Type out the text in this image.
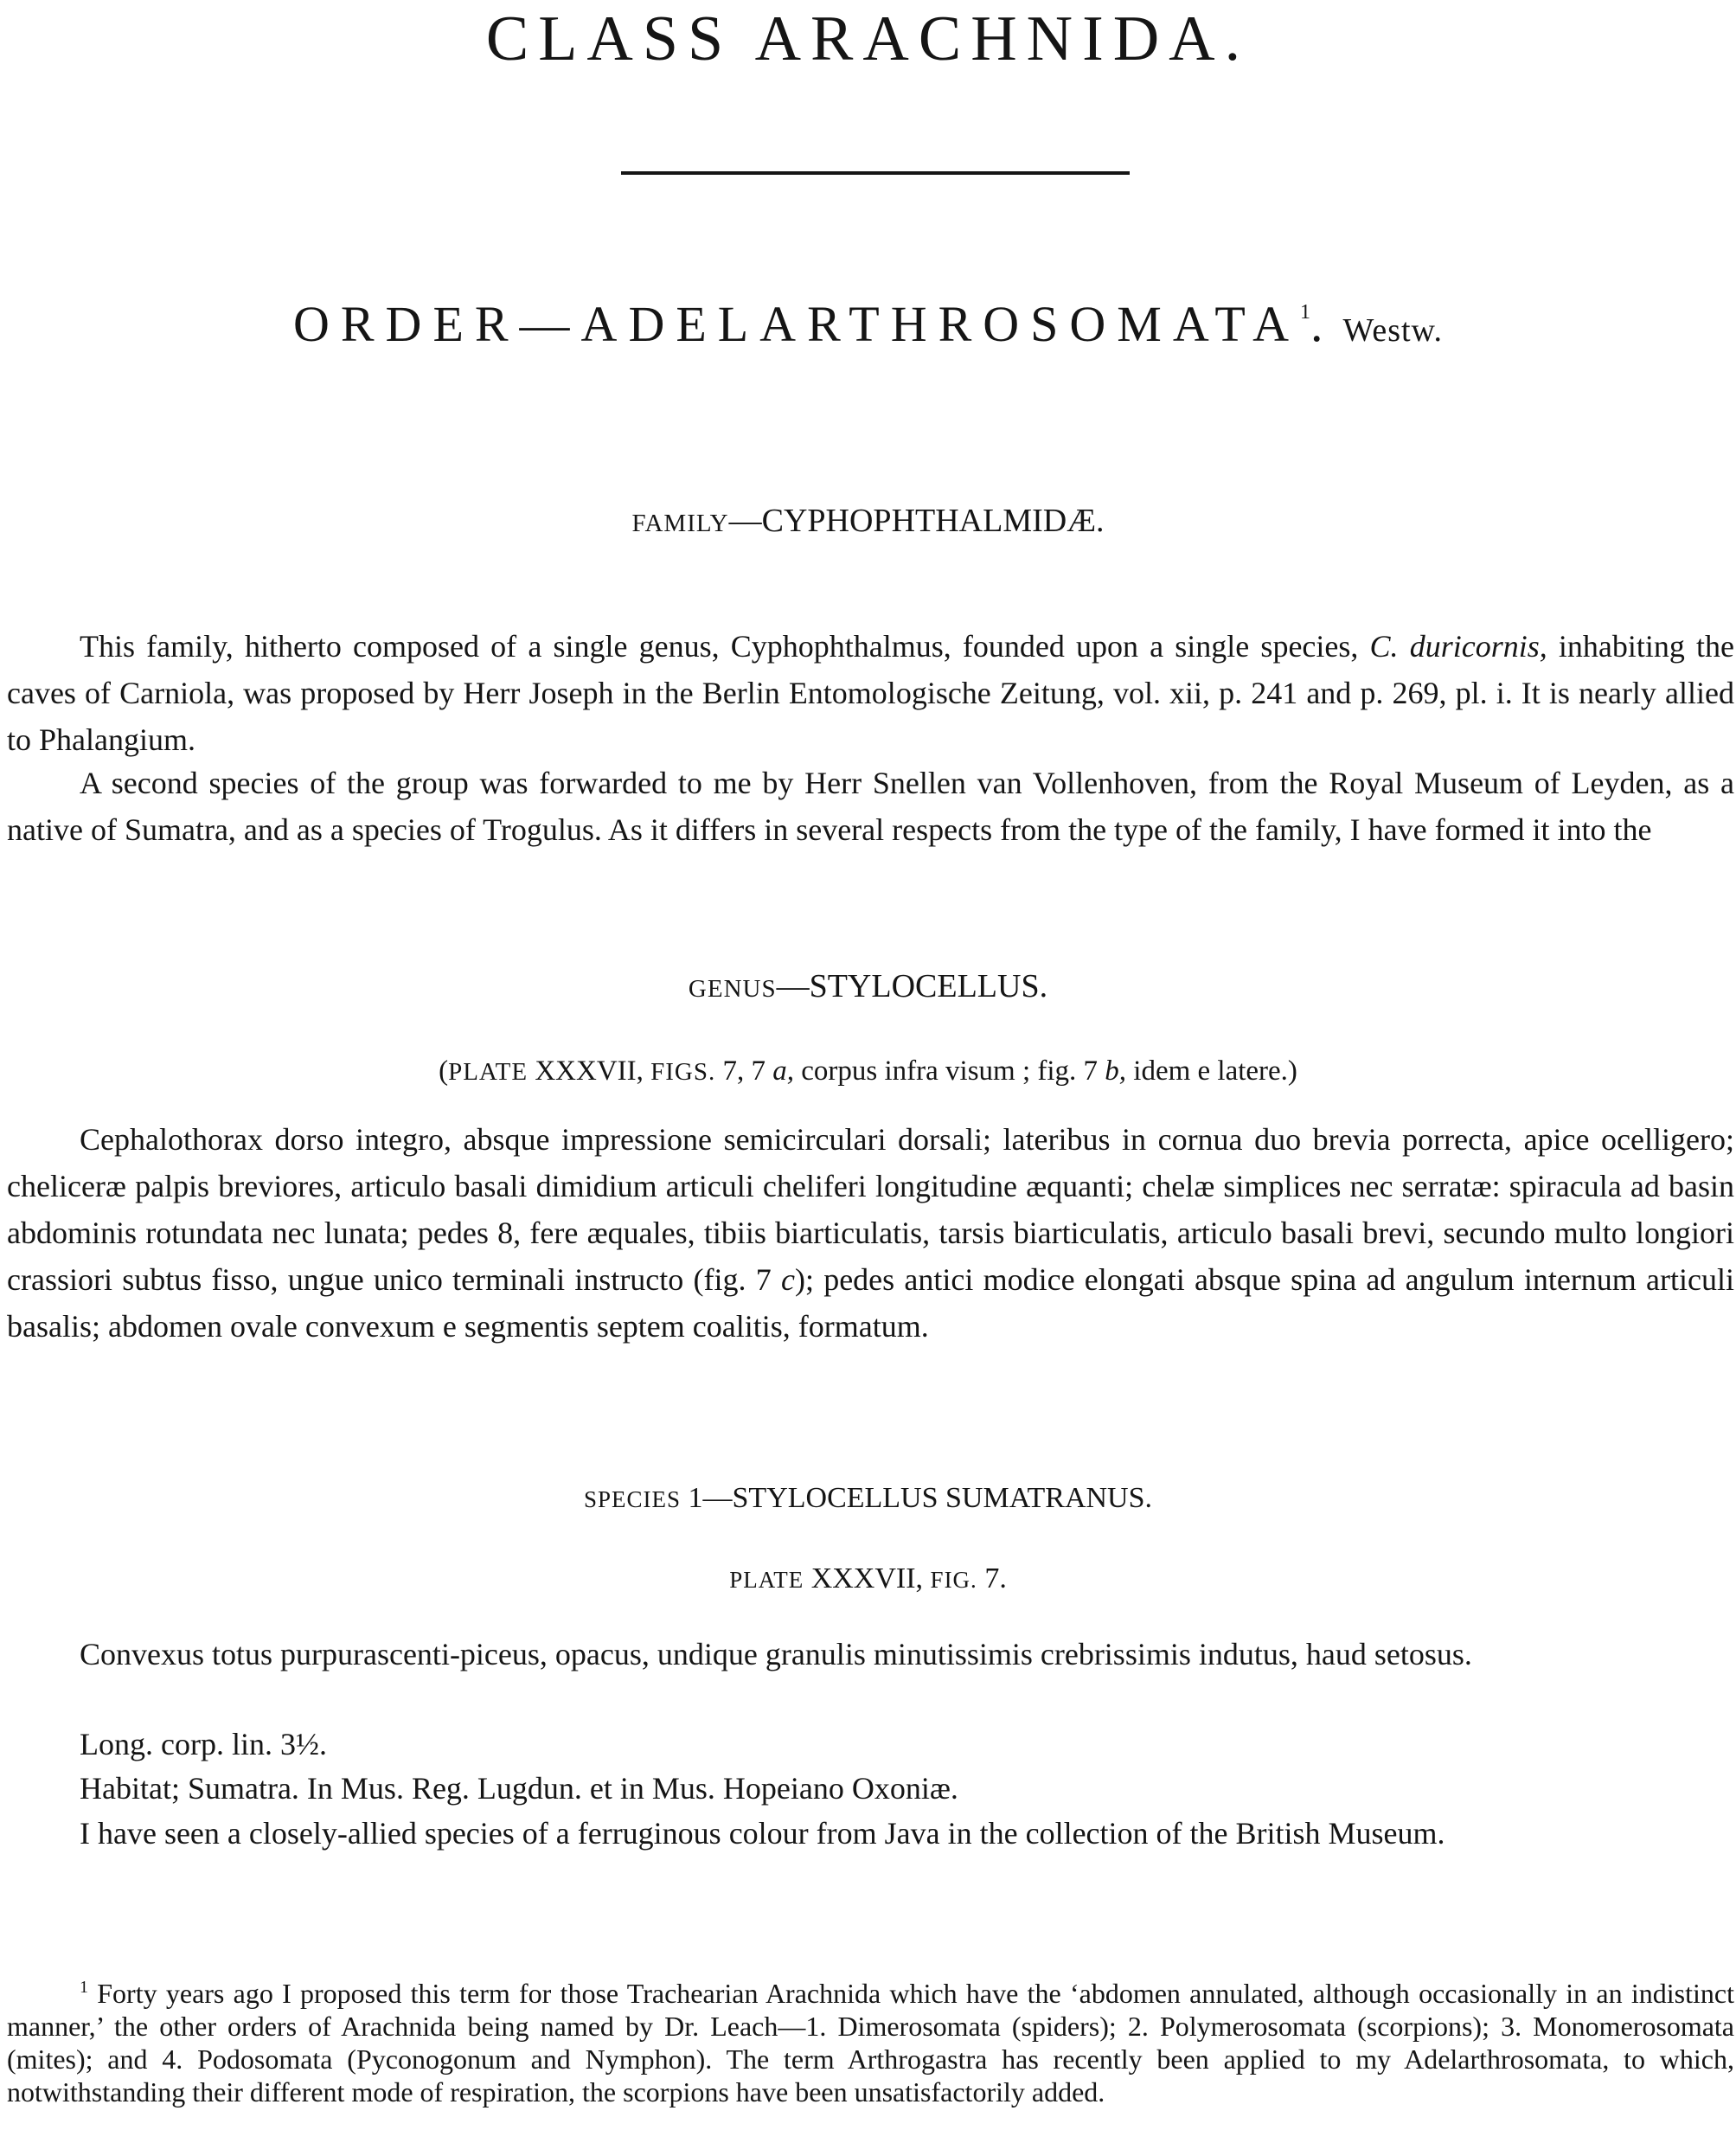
CLASS ARACHNIDA.
ORDER—ADELARTHROSOMATA$^1$. Westw.
FAMILY—CYPHOPHTHALMIDÆ.

This family, hitherto composed of a single genus, Cyphophthalmus, founded upon a single species, C. duricornis, inhabiting the caves of Carniola, was proposed by Herr Joseph in the Berlin Entomologische Zeitung, vol. xii, p. 241 and p. 269, pl. i. It is nearly allied to Phalangium.

A second species of the group was forwarded to me by Herr Snellen van Vollenhoven, from the Royal Museum of Leyden, as a native of Sumatra, and as a species of Trogulus. As it differs in several respects from the type of the family, I have formed it into the

GENUS—STYLOCELLUS.
(PLATE XXXVII, FIGS. 7, 7 a, corpus infra visum ; fig. 7 b, idem e latere.)

Cephalothorax dorso integro, absque impressione semicirculari dorsali; lateribus in cornua duo brevia porrecta, apice ocelligero; cheliceræ palpis breviores, articulo basali dimidium articuli cheliferi longitudine æquanti; chelæ simplices nec serratæ: spiracula ad basin abdominis rotundata nec lunata; pedes 8, fere æquales, tibiis biarticulatis, tarsis biarticulatis, articulo basali brevi, secundo multo longiori crassiori subtus fisso, ungue unico terminali instructo (fig. 7 c); pedes antici modice elongati absque spina ad angulum internum articuli basalis; abdomen ovale convexum e segmentis septem coalitis, formatum.

SPECIES 1—STYLOCELLUS SUMATRANUS.
PLATE XXXVII, FIG. 7.

Convexus totus purpurascenti-piceus, opacus, undique granulis minutissimis crebrissimis indutus, haud setosus.

Long. corp. lin. 3½.

Habitat; Sumatra. In Mus. Reg. Lugdun. et in Mus. Hopeiano Oxoniæ.

I have seen a closely-allied species of a ferruginous colour from Java in the collection of the British Museum.

$^1$ Forty years ago I proposed this term for those Trachearian Arachnida which have the ‘abdomen annulated, although occasionally in an indistinct manner,’ the other orders of Arachnida being named by Dr. Leach—1. Dimerosomata (spiders); 2. Polymerosomata (scorpions); 3. Monomerosomata (mites); and 4. Podosomata (Pyconogonum and Nymphon). The term Arthrogastra has recently been applied to my Adelarthrosomata, to which, notwithstanding their different mode of respiration, the scorpions have been unsatisfactorily added.
